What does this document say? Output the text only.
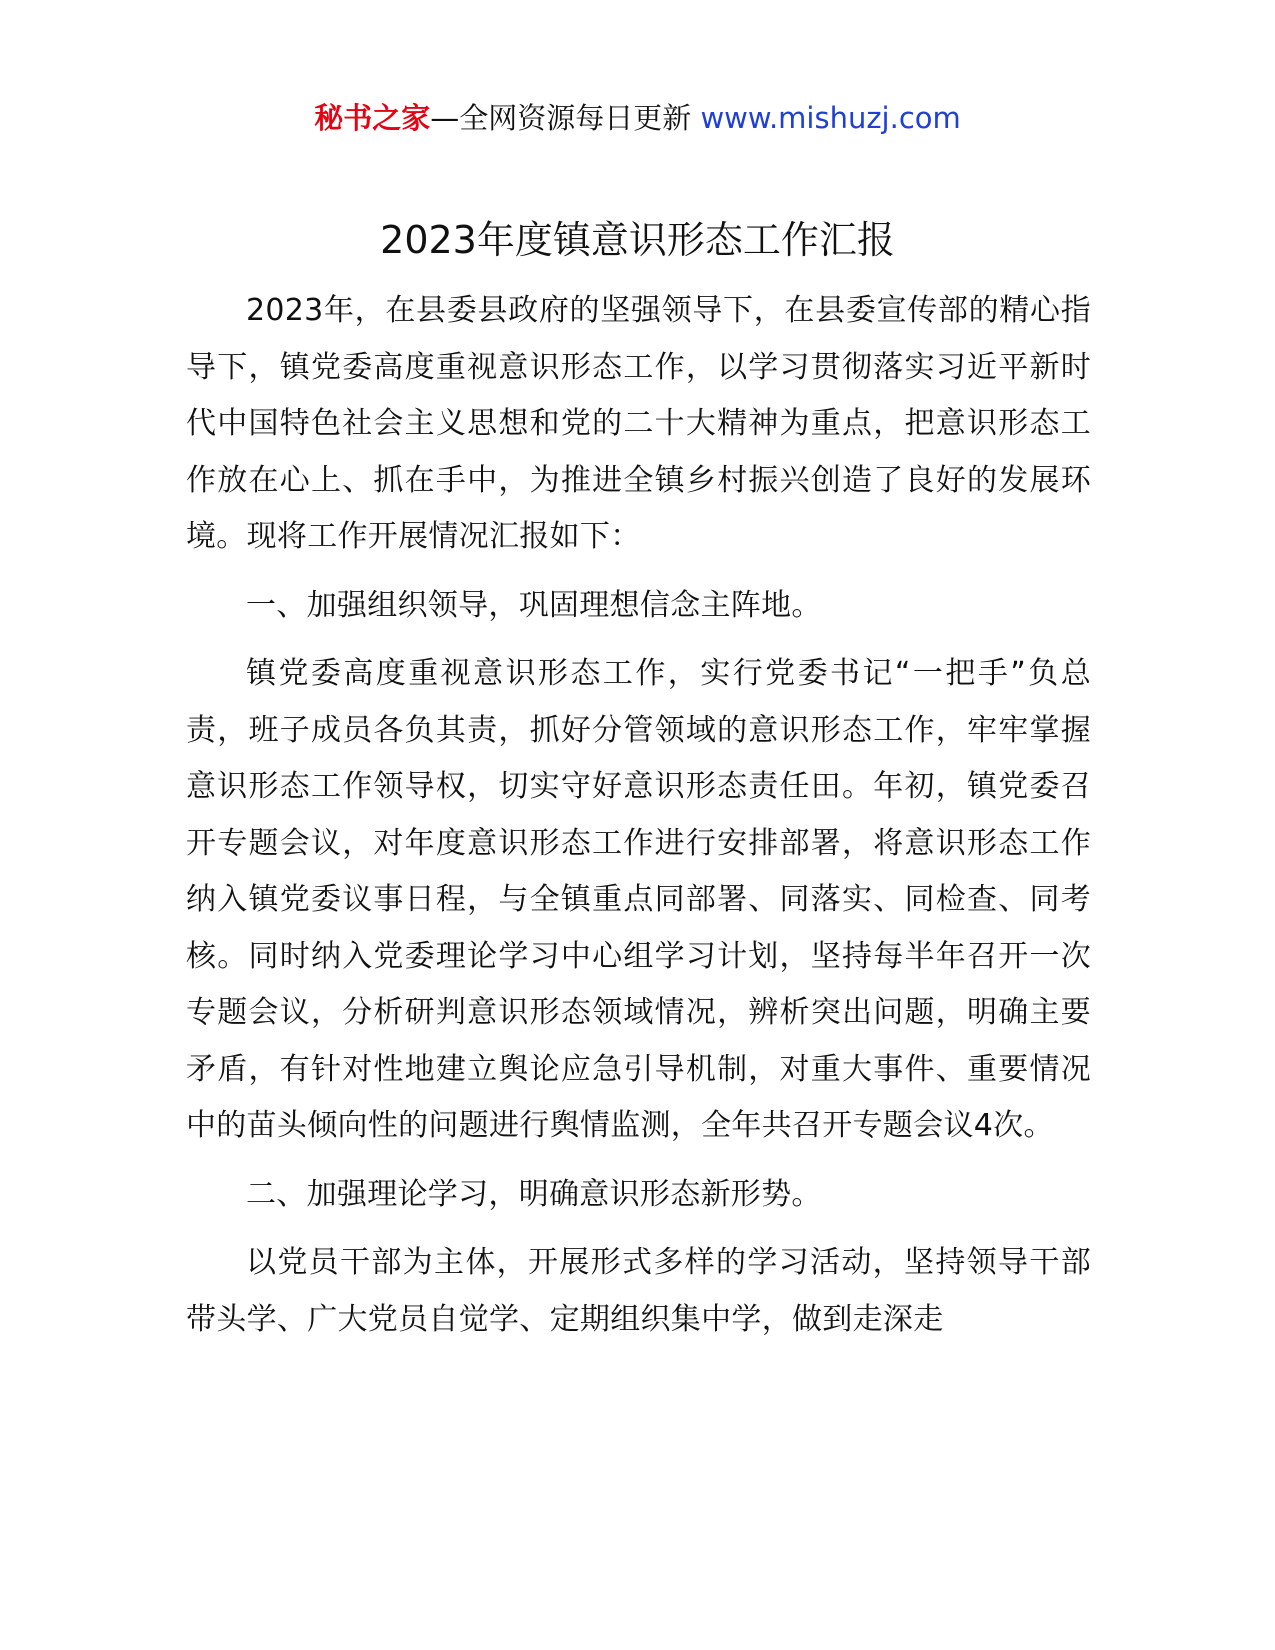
秘书之家—全网资源每日更新 www.mishuzj.com
2023年度镇意识形态工作汇报

2023年，在县委县政府的坚强领导下，在县委宣传部的精心指导下，镇党委高度重视意识形态工作，以学习贯彻落实习近平新时代中国特色社会主义思想和党的二十大精神为重点，把意识形态工作放在心上、抓在手中，为推进全镇乡村振兴创造了良好的发展环境。现将工作开展情况汇报如下：

一、加强组织领导，巩固理想信念主阵地。

镇党委高度重视意识形态工作，实行党委书记“一把手”负总责，班子成员各负其责，抓好分管领域的意识形态工作，牢牢掌握意识形态工作领导权，切实守好意识形态责任田。年初，镇党委召开专题会议，对年度意识形态工作进行安排部署，将意识形态工作纳入镇党委议事日程，与全镇重点同部署、同落实、同检查、同考核。同时纳入党委理论学习中心组学习计划，坚持每半年召开一次专题会议，分析研判意识形态领域情况，辨析突出问题，明确主要矛盾，有针对性地建立舆论应急引导机制，对重大事件、重要情况中的苗头倾向性的问题进行舆情监测，全年共召开专题会议4次。

二、加强理论学习，明确意识形态新形势。

以党员干部为主体，开展形式多样的学习活动，坚持领导干部带头学、广大党员自觉学、定期组织集中学，做到走深走
